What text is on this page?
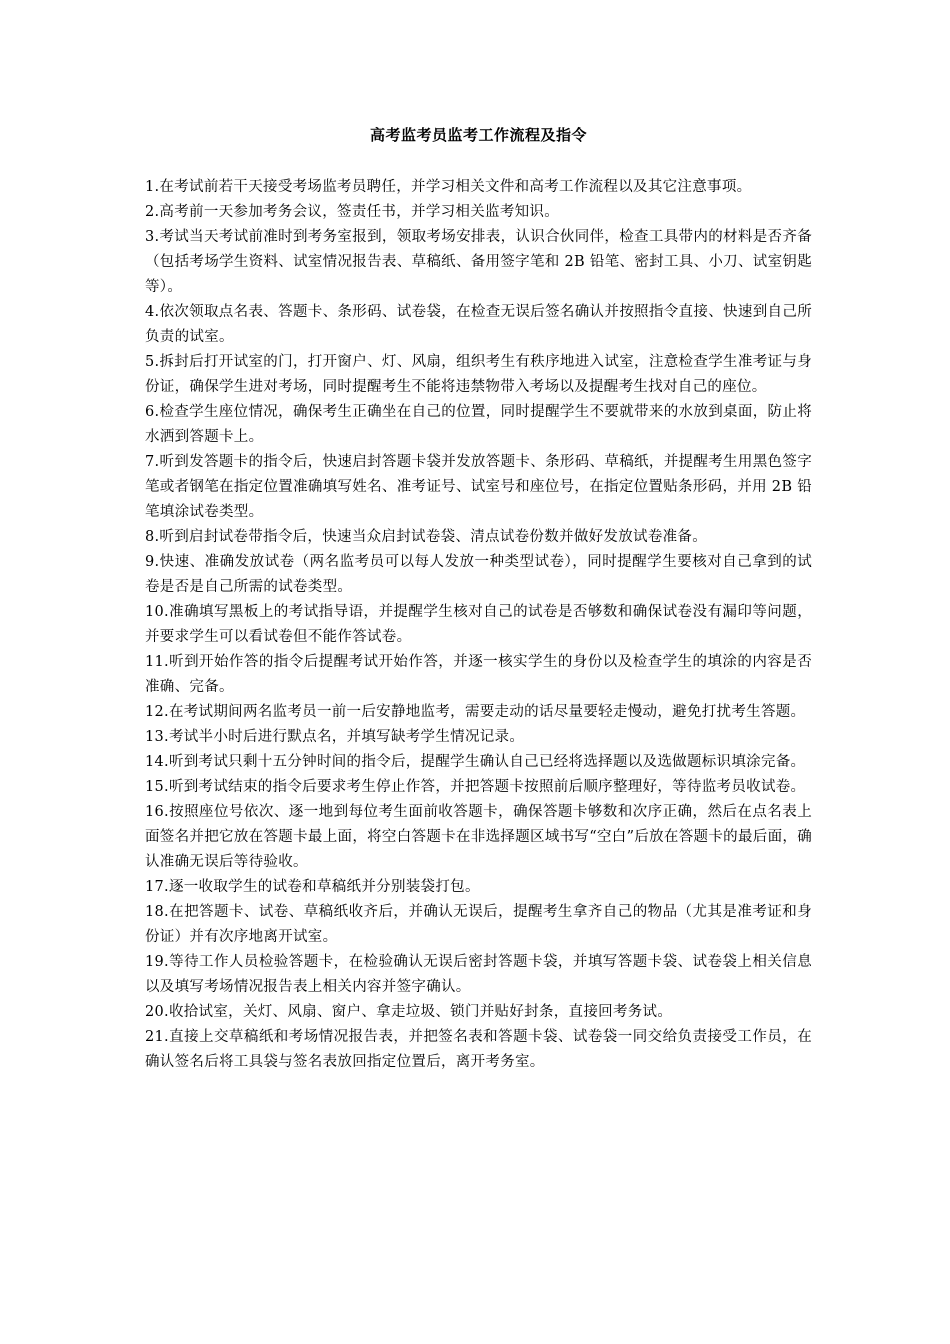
高考监考员监考工作流程及指令

1.在考试前若干天接受考场监考员聘任，并学习相关文件和高考工作流程以及其它注意事项。

2.高考前一天参加考务会议，签责任书，并学习相关监考知识。

3.考试当天考试前准时到考务室报到，领取考场安排表，认识合伙同伴，检查工具带内的材料是否齐备（包括考场学生资料、试室情况报告表、草稿纸、备用签字笔和 2B 铅笔、密封工具、小刀、试室钥匙等）。

4.依次领取点名表、答题卡、条形码、试卷袋，在检查无误后签名确认并按照指令直接、快速到自己所负责的试室。

5.拆封后打开试室的门，打开窗户、灯、风扇，组织考生有秩序地进入试室，注意检查学生准考证与身份证，确保学生进对考场，同时提醒考生不能将违禁物带入考场以及提醒考生找对自己的座位。

6.检查学生座位情况，确保考生正确坐在自己的位置，同时提醒学生不要就带来的水放到桌面，防止将水洒到答题卡上。

7.听到发答题卡的指令后，快速启封答题卡袋并发放答题卡、条形码、草稿纸，并提醒考生用黑色签字笔或者钢笔在指定位置准确填写姓名、准考证号、试室号和座位号，在指定位置贴条形码，并用 2B 铅笔填涂试卷类型。

8.听到启封试卷带指令后，快速当众启封试卷袋、清点试卷份数并做好发放试卷准备。

9.快速、准确发放试卷（两名监考员可以每人发放一种类型试卷），同时提醒学生要核对自己拿到的试卷是否是自己所需的试卷类型。

10.准确填写黑板上的考试指导语，并提醒学生核对自己的试卷是否够数和确保试卷没有漏印等问题，并要求学生可以看试卷但不能作答试卷。

11.听到开始作答的指令后提醒考试开始作答，并逐一核实学生的身份以及检查学生的填涂的内容是否准确、完备。

12.在考试期间两名监考员一前一后安静地监考，需要走动的话尽量要轻走慢动，避免打扰考生答题。

13.考试半小时后进行默点名，并填写缺考学生情况记录。

14.听到考试只剩十五分钟时间的指令后，提醒学生确认自己已经将选择题以及选做题标识填涂完备。

15.听到考试结束的指令后要求考生停止作答，并把答题卡按照前后顺序整理好，等待监考员收试卷。

16.按照座位号依次、逐一地到每位考生面前收答题卡，确保答题卡够数和次序正确，然后在点名表上面签名并把它放在答题卡最上面，将空白答题卡在非选择题区域书写“空白”后放在答题卡的最后面，确认准确无误后等待验收。

17.逐一收取学生的试卷和草稿纸并分别装袋打包。

18.在把答题卡、试卷、草稿纸收齐后，并确认无误后，提醒考生拿齐自己的物品（尤其是准考证和身份证）并有次序地离开试室。

19.等待工作人员检验答题卡，在检验确认无误后密封答题卡袋，并填写答题卡袋、试卷袋上相关信息以及填写考场情况报告表上相关内容并签字确认。

20.收拾试室，关灯、风扇、窗户、拿走垃圾、锁门并贴好封条，直接回考务试。

21.直接上交草稿纸和考场情况报告表，并把签名表和答题卡袋、试卷袋一同交给负责接受工作员，在确认签名后将工具袋与签名表放回指定位置后，离开考务室。
